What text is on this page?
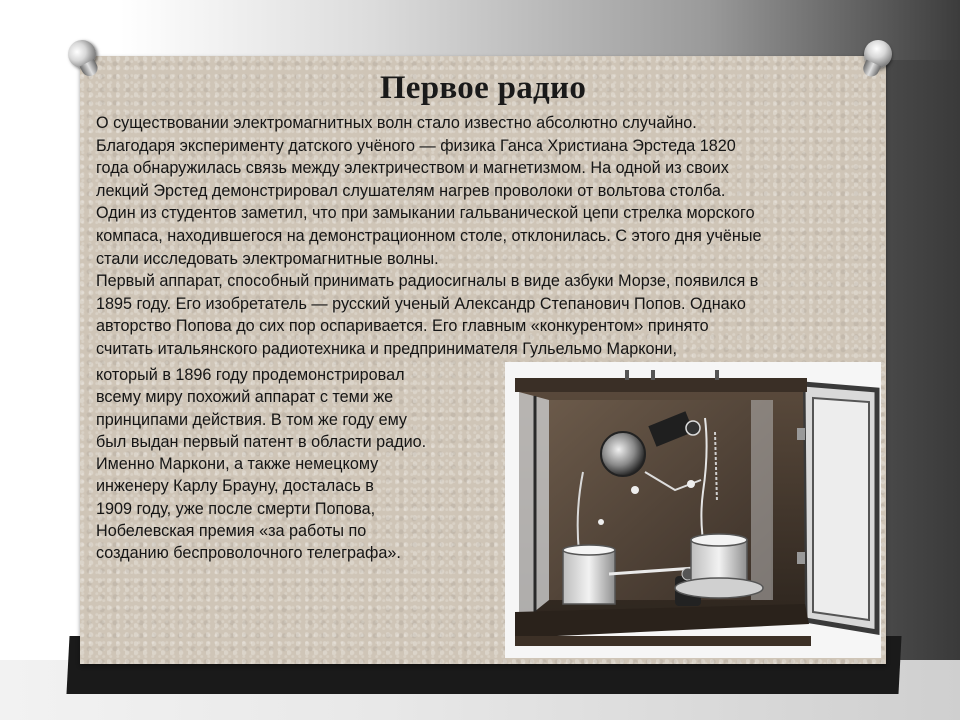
Первое радио

О существовании электромагнитных волн стало известно абсолютно случайно.

Благодаря эксперименту датского учёного — физика Ганса Христиана Эрстеда 1820

года обнаружилась связь между электричеством и магнетизмом. На одной из своих

лекций Эрстед демонстрировал слушателям нагрев проволоки от вольтова столба.

Один из студентов заметил, что при замыкании гальванической цепи стрелка морского

компаса, находившегося на демонстрационном столе, отклонилась. С этого дня учёные

стали исследовать электромагнитные волны.

Первый аппарат, способный принимать радиосигналы в виде азбуки Морзе, появился в

1895 году. Его изобретатель — русский ученый Александр Степанович Попов. Однако

авторство Попова до сих пор оспаривается. Его главным «конкурентом» принято

считать итальянского радиотехника и предпринимателя Гульельмо Маркони,

который в 1896 году продемонстрировал

всему миру похожий аппарат с теми же

принципами действия. В том же году ему

был выдан первый патент в области радио.

Именно Маркони, а также немецкому

инженеру Карлу Брауну, досталась в

1909 году, уже после смерти Попова,

Нобелевская премия «за работы по

созданию беспроволочного телеграфа».
